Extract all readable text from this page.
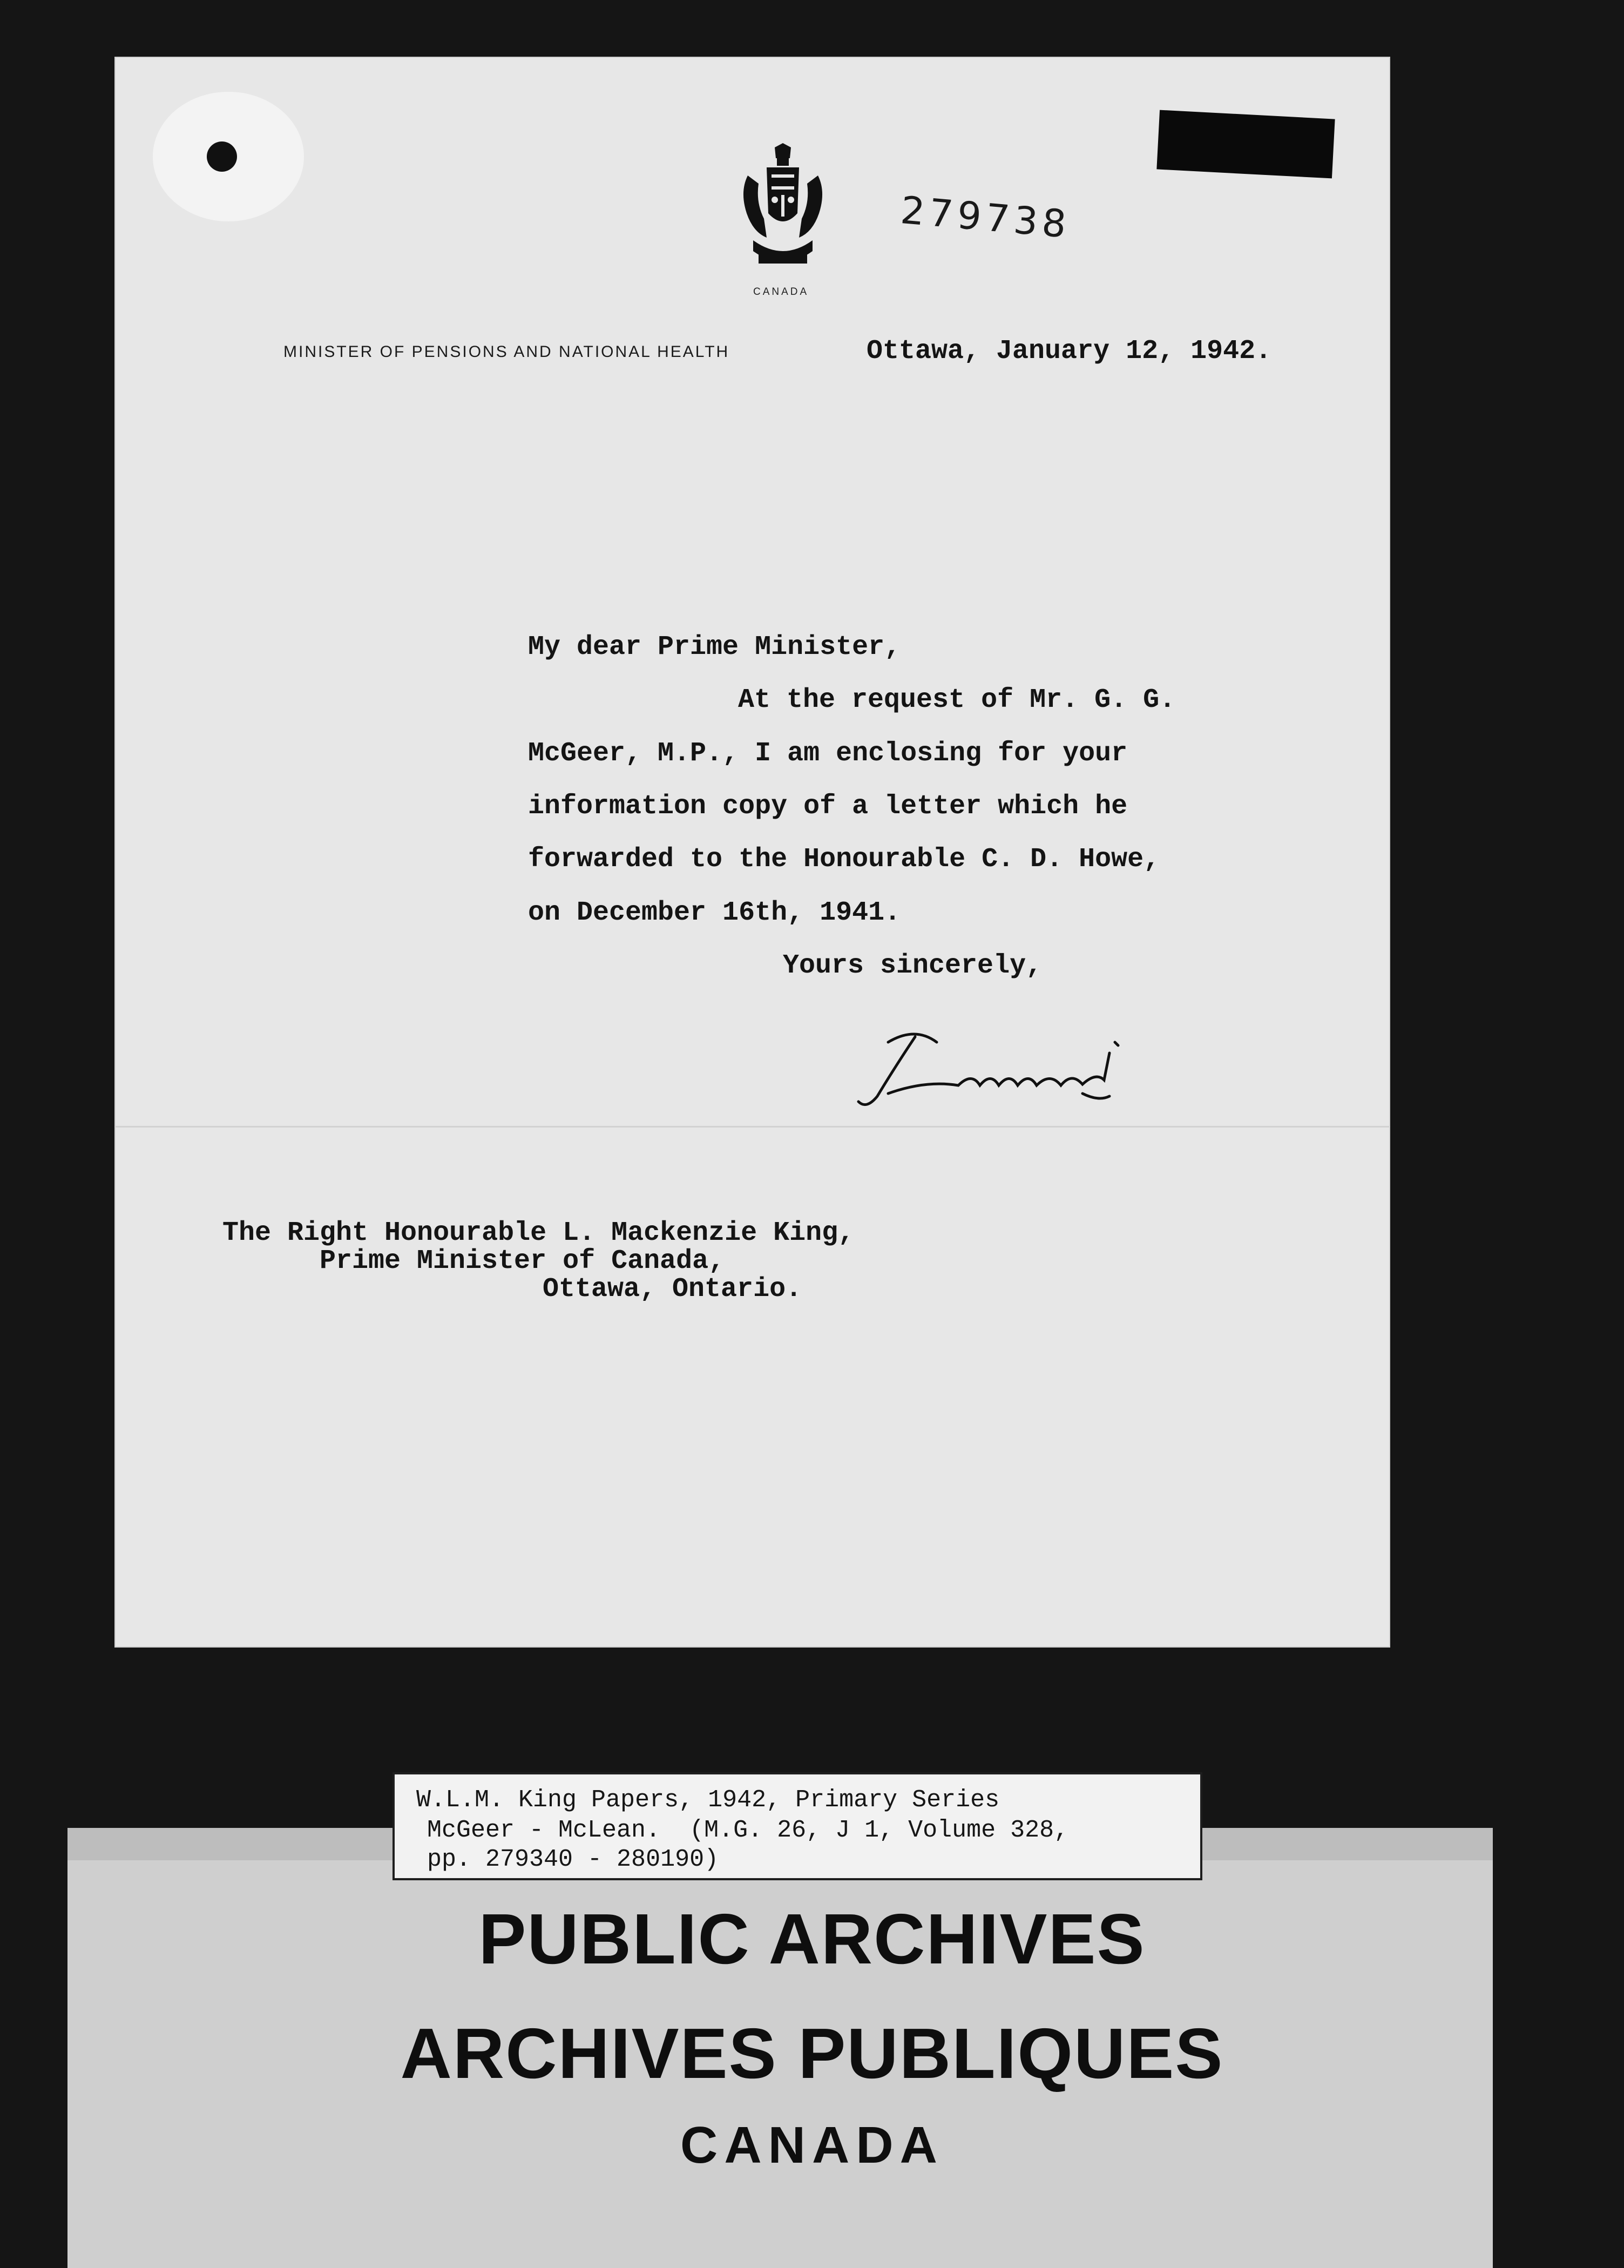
CANADA
279738
MINISTER OF PENSIONS AND NATIONAL HEALTH	Ottawa, January 12, 1942.
My dear Prime Minister,
At the request of Mr. G. G.
McGeer, M.P., I am enclosing for your
information copy of a letter which he
forwarded to the Honourable C. D. Howe,
on December 16th, 1941.
Yours sincerely,
The Right Honourable L. Mackenzie King,
Prime Minister of Canada,
Ottawa, Ontario.
PUBLIC ARCHIVES
ARCHIVES PUBLIQUES
CANADA
W.L.M. King Papers, 1942, Primary Series
McGeer - McLean.  (M.G. 26, J 1, Volume 328,
pp. 279340 - 280190)
